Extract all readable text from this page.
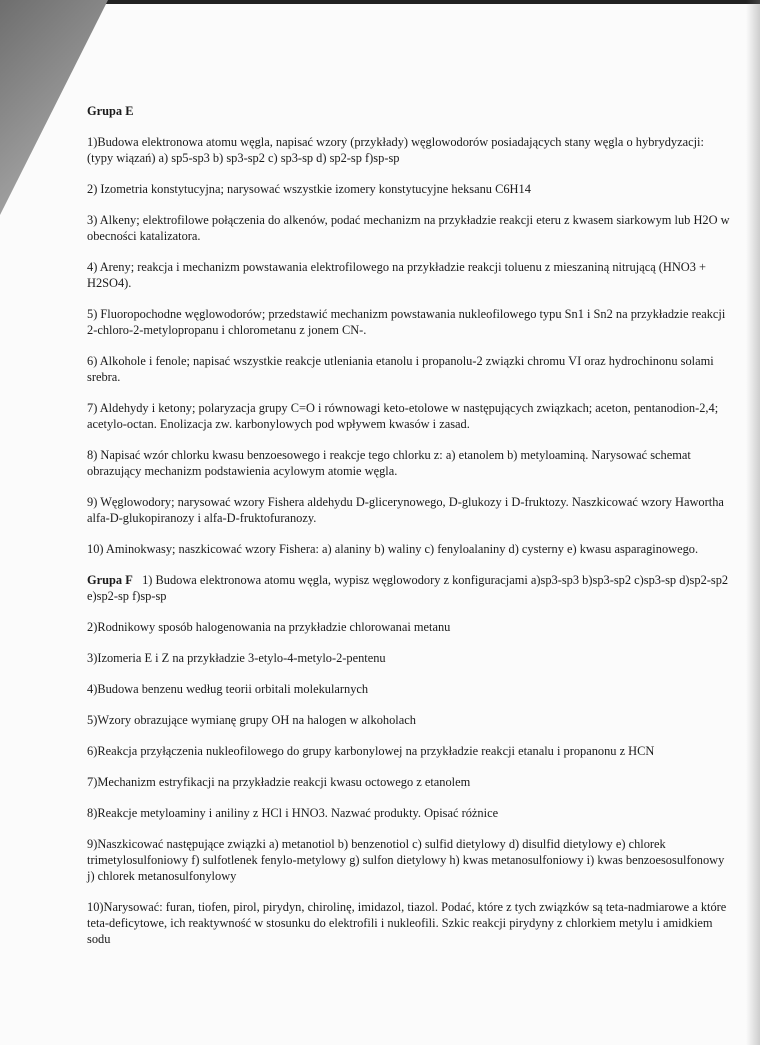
Grupa E
1)Budowa elektronowa atomu węgla, napisać wzory (przykłady) węglowodorów posiadających stany węgla o hybrydyzacji: (typy wiązań) a) sp5-sp3 b) sp3-sp2 c) sp3-sp d) sp2-sp f)sp-sp
2) Izometria konstytucyjna; narysować wszystkie izomery konstytucyjne heksanu C6H14
3) Alkeny; elektrofilowe połączenia do alkenów, podać mechanizm na przykładzie reakcji eteru z kwasem siarkowym lub H2O w obecności katalizatora.
4) Areny; reakcja i mechanizm powstawania elektrofilowego na przykładzie reakcji toluenu z mieszaniną nitrującą (HNO3 + H2SO4).
5) Fluoropochodne węglowodorów; przedstawić mechanizm powstawania nukleofilowego typu Sn1 i Sn2 na przykładzie reakcji 2-chloro-2-metylopropanu i chlorometanu z jonem CN-.
6) Alkohole i fenole; napisać wszystkie reakcje utleniania etanolu i propanolu-2 związki chromu VI oraz hydrochinonu solami srebra.
7) Aldehydy i ketony; polaryzacja grupy C=O i równowagi keto-etolowe w następujących związkach; aceton, pentanodion-2,4; acetylo-octan. Enolizacja zw. karbonylowych pod wpływem kwasów i zasad.
8) Napisać wzór chlorku kwasu benzoesowego i reakcje tego chlorku z: a) etanolem b) metyloaminą. Narysować schemat obrazujący mechanizm podstawienia acylowym atomie węgla.
9) Węglowodory; narysować wzory Fishera aldehydu D-glicerynowego, D-glukozy i D-fruktozy. Naszkicować wzory Hawortha alfa-D-glukopiranozy i alfa-D-fruktofuranozy.
10) Aminokwasy; naszkicować wzory Fishera: a) alaniny b) waliny c) fenyloalaniny d) cysterny e) kwasu asparaginowego.
Grupa F 1) Budowa elektronowa atomu węgla, wypisz węglowodory z konfiguracjami a)sp3-sp3 b)sp3-sp2 c)sp3-sp d)sp2-sp2 e)sp2-sp f)sp-sp
2)Rodnikowy sposób halogenowania na przykładzie chlorowanai metanu
3)Izomeria E i Z na przykładzie 3-etylo-4-metylo-2-pentenu
4)Budowa benzenu według teorii orbitali molekularnych
5)Wzory obrazujące wymianę grupy OH na halogen w alkoholach
6)Reakcja przyłączenia nukleofilowego do grupy karbonylowej na przykładzie reakcji etanalu i propanonu z HCN
7)Mechanizm estryfikacji na przykładzie reakcji kwasu octowego z etanolem
8)Reakcje metyloaminy i aniliny z HCl i HNO3. Nazwać produkty. Opisać różnice
9)Naszkicować następujące związki a) metanotiol b) benzenotiol c) sulfid dietylowy d) disulfid dietylowy e) chlorek trimetylosulfoniowy f) sulfotlenek fenylo-metylowy g) sulfon dietylowy h) kwas metanosulfoniowy i) kwas benzoesosulfonowy j) chlorek metanosulfonylowy
10)Narysować: furan, tiofen, pirol, pirydyn, chirolinę, imidazol, tiazol. Podać, które z tych związków są teta-nadmiarowe a które teta-deficytowe, ich reaktywność w stosunku do elektrofili i nukleofili. Szkic reakcji pirydyny z chlorkiem metylu i amidkiem sodu
